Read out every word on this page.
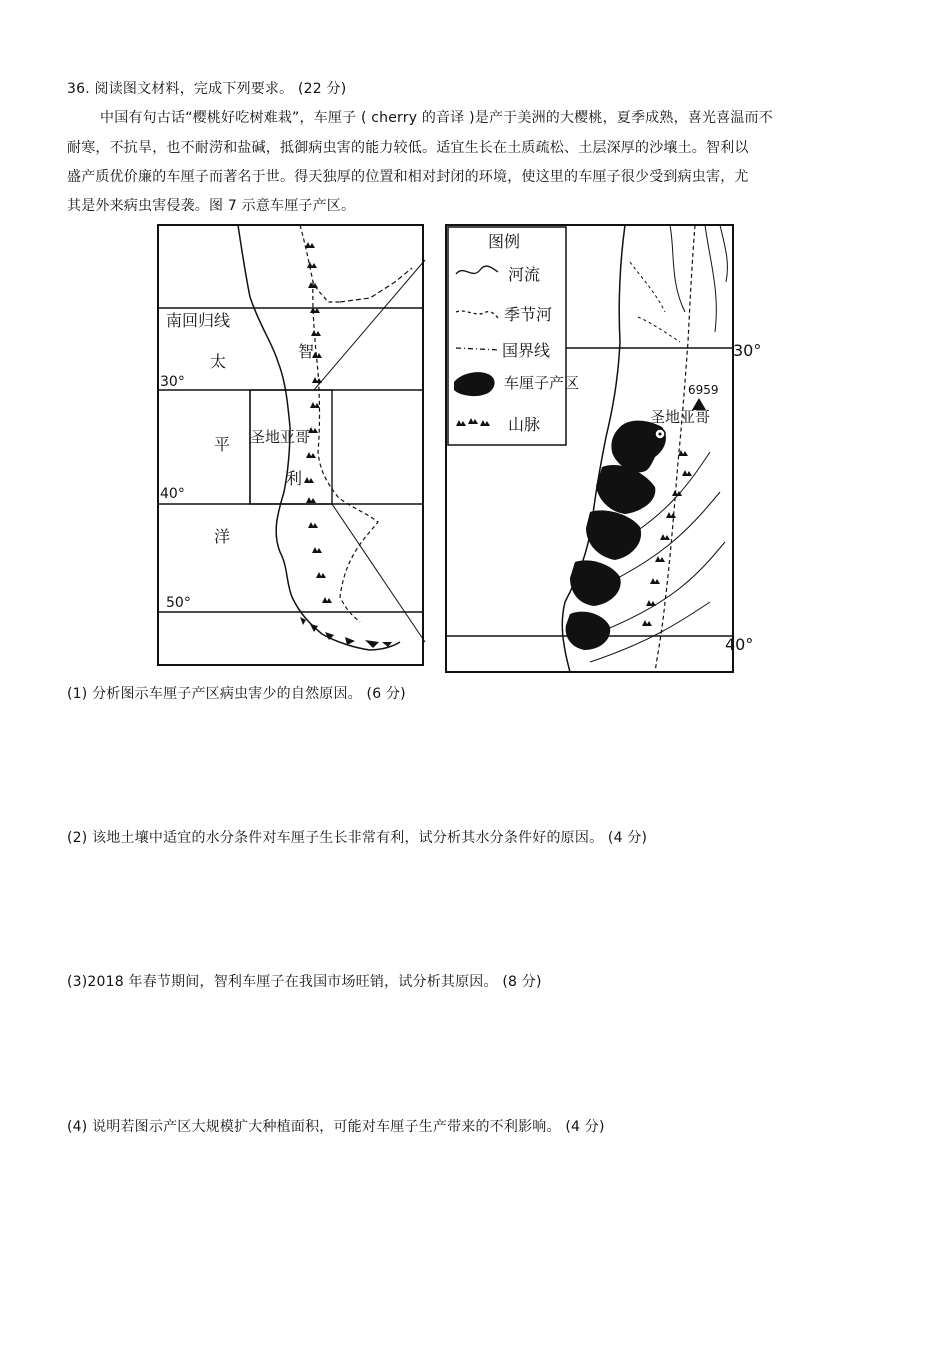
36. 阅读图文材料，完成下列要求。 (22 分)
中国有句古话“樱桃好吃树难栽”，车厘子 ( cherry 的音译 )是产于美洲的大樱桃，夏季成熟，喜光喜温而不
耐寒，不抗旱，也不耐涝和盐碱，抵御病虫害的能力较低。适宜生长在土质疏松、土层深厚的沙壤土。智利以
盛产质优价廉的车厘子而著名于世。得天独厚的位置和相对封闭的环境，使这里的车厘子很少受到病虫害，尤
其是外来病虫害侵袭。图 7 示意车厘子产区。
南回归线
太
平
洋
智
利
圣地亚哥
30°
40°
50°
6959
圣地亚哥
30°
40°
图例
河流
季节河
国界线
车厘子产区
山脉
(1) 分析图示车厘子产区病虫害少的自然原因。 (6 分)
(2) 该地土壤中适宜的水分条件对车厘子生长非常有利，试分析其水分条件好的原因。 (4 分)
(3)2018 年春节期间，智利车厘子在我国市场旺销，试分析其原因。 (8 分)
(4) 说明若图示产区大规模扩大种植面积，可能对车厘子生产带来的不利影响。 (4 分)
